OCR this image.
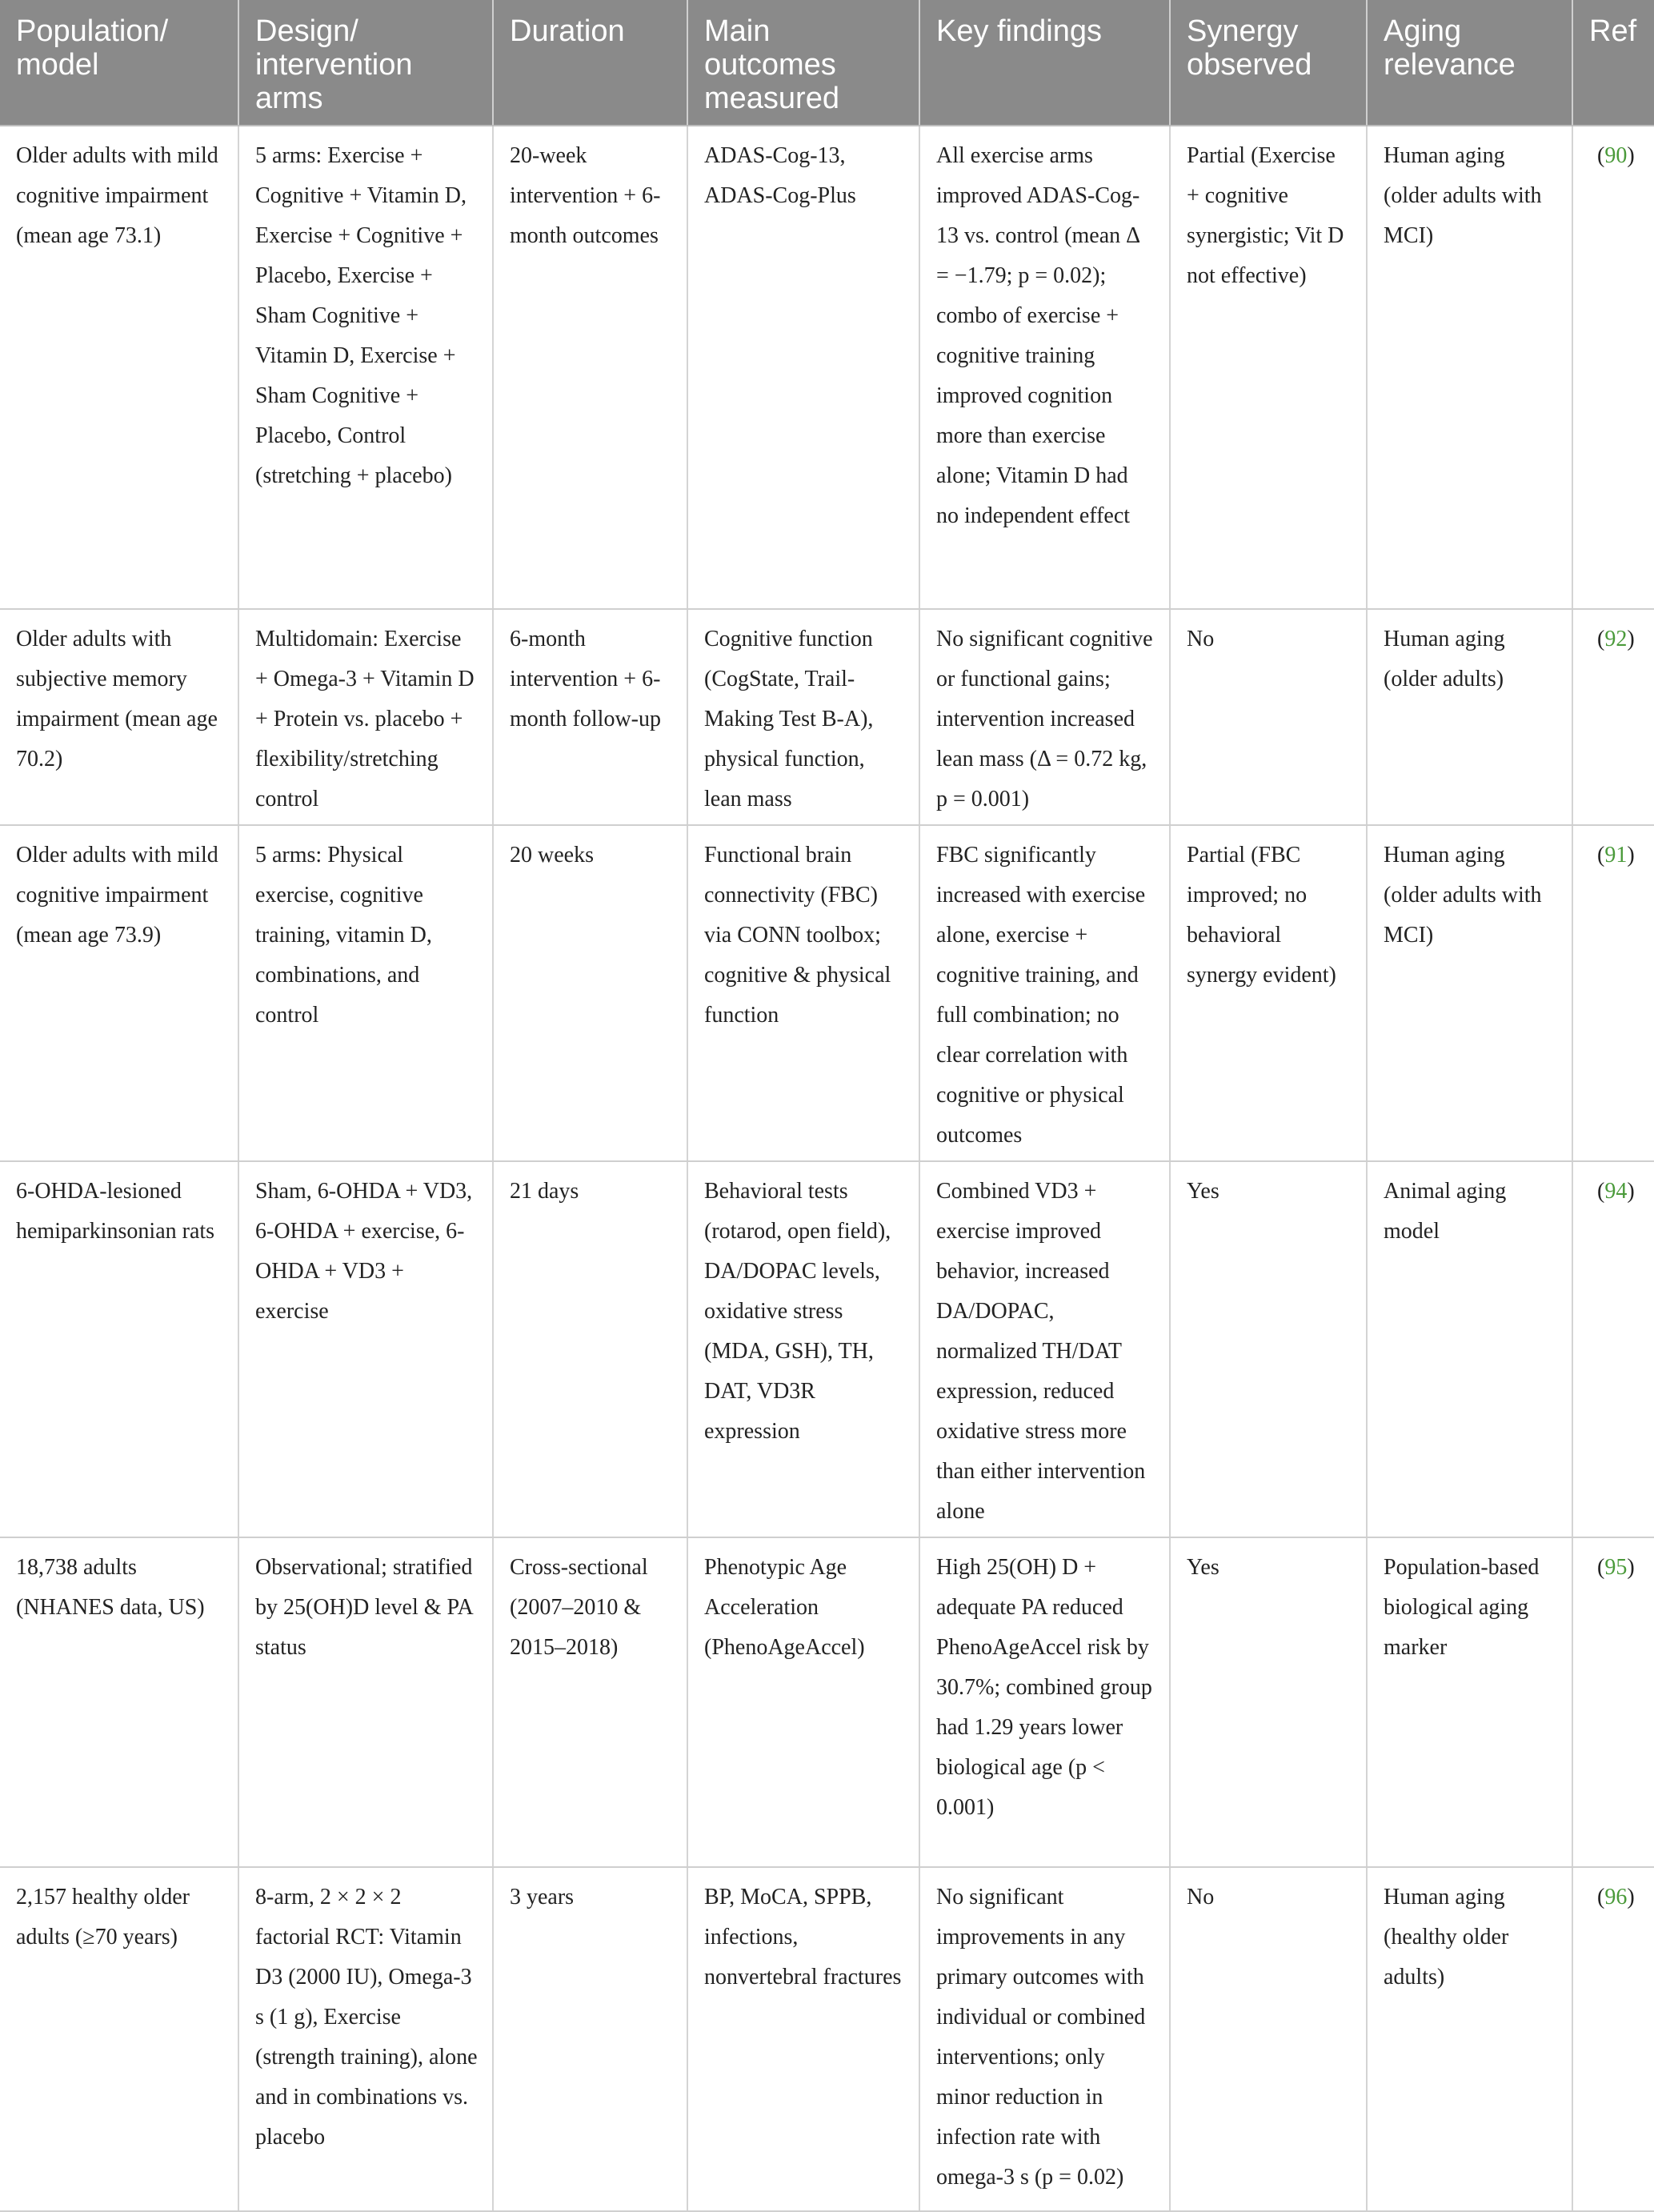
Population/ model	Design/ intervention arms	Duration	Main outcomes measured	Key findings	Synergy observed	Aging relevance	Ref
Older adults with mild cognitive impairment (mean age 73.1)	5 arms: Exercise + Cognitive + Vitamin D, Exercise + Cognitive + Placebo, Exercise + Sham Cognitive + Vitamin D, Exercise + Sham Cognitive + Placebo, Control (stretching + placebo)	20-week intervention + 6-month outcomes	ADAS-Cog-13, ADAS-Cog-Plus	All exercise arms improved ADAS-Cog-13 vs. control (mean Δ = −1.79; p = 0.02); combo of exercise + cognitive training improved cognition more than exercise alone; Vitamin D had no independent effect	Partial (Exercise + cognitive synergistic; Vit D not effective)	Human aging (older adults with MCI)	(90)
Older adults with subjective memory impairment (mean age 70.2)	Multidomain: Exercise + Omega-3 + Vitamin D + Protein vs. placebo + flexibility/stretching control	6-month intervention + 6-month follow-up	Cognitive function (CogState, Trail-Making Test B-A), physical function, lean mass	No significant cognitive or functional gains; intervention increased lean mass (Δ = 0.72 kg, p = 0.001)	No	Human aging (older adults)	(92)
Older adults with mild cognitive impairment (mean age 73.9)	5 arms: Physical exercise, cognitive training, vitamin D, combinations, and control	20 weeks	Functional brain connectivity (FBC) via CONN toolbox; cognitive & physical function	FBC significantly increased with exercise alone, exercise + cognitive training, and full combination; no clear correlation with cognitive or physical outcomes	Partial (FBC improved; no behavioral synergy evident)	Human aging (older adults with MCI)	(91)
6-OHDA-lesioned hemiparkinsonian rats	Sham, 6-OHDA + VD3, 6-OHDA + exercise, 6-OHDA + VD3 + exercise	21 days	Behavioral tests (rotarod, open field), DA/DOPAC levels, oxidative stress (MDA, GSH), TH, DAT, VD3R expression	Combined VD3 + exercise improved behavior, increased DA/DOPAC, normalized TH/DAT expression, reduced oxidative stress more than either intervention alone	Yes	Animal aging model	(94)
18,738 adults (NHANES data, US)	Observational; stratified by 25(OH)D level & PA status	Cross-sectional (2007–2010 & 2015–2018)	Phenotypic Age Acceleration (PhenoAgeAccel)	High 25(OH) D + adequate PA reduced PhenoAgeAccel risk by 30.7%; combined group had 1.29 years lower biological age (p < 0.001)	Yes	Population-based biological aging marker	(95)
2,157 healthy older adults (≥70 years)	8-arm, 2 × 2 × 2 factorial RCT: Vitamin D3 (2000 IU), Omega-3 s (1 g), Exercise (strength training), alone and in combinations vs. placebo	3 years	BP, MoCA, SPPB, infections, nonvertebral fractures	No significant improvements in any primary outcomes with individual or combined interventions; only minor reduction in infection rate with omega-3 s (p = 0.02)	No	Human aging (healthy older adults)	(96)
